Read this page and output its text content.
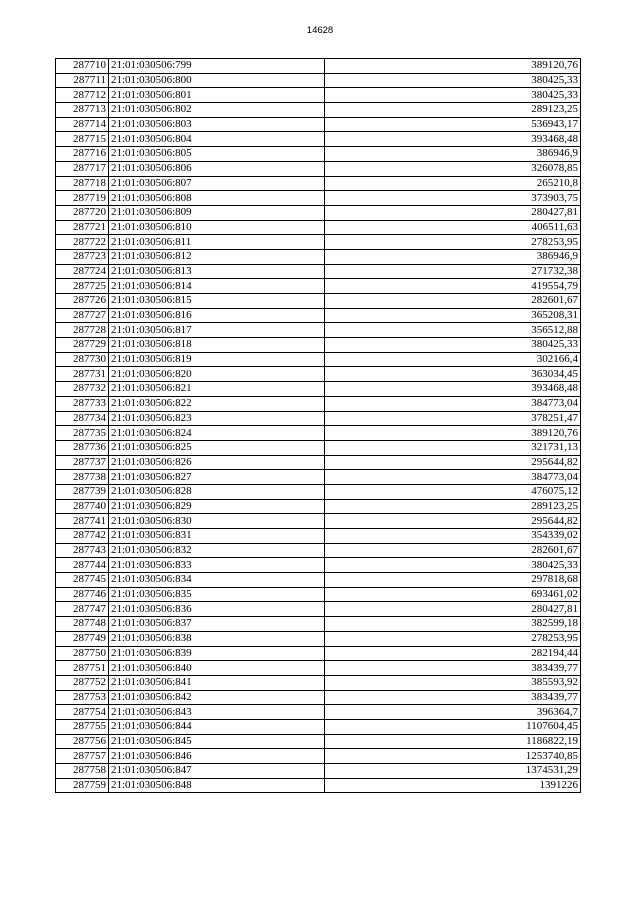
14628
287710	21:01:030506:799	389120,76
287711	21:01:030506:800	380425,33
287712	21:01:030506:801	380425,33
287713	21:01:030506:802	289123,25
287714	21:01:030506:803	536943,17
287715	21:01:030506:804	393468,48
287716	21:01:030506:805	386946,9
287717	21:01:030506:806	326078,85
287718	21:01:030506:807	265210,8
287719	21:01:030506:808	373903,75
287720	21:01:030506:809	280427,81
287721	21:01:030506:810	406511,63
287722	21:01:030506:811	278253,95
287723	21:01:030506:812	386946,9
287724	21:01:030506:813	271732,38
287725	21:01:030506:814	419554,79
287726	21:01:030506:815	282601,67
287727	21:01:030506:816	365208,31
287728	21:01:030506:817	356512,88
287729	21:01:030506:818	380425,33
287730	21:01:030506:819	302166,4
287731	21:01:030506:820	363034,45
287732	21:01:030506:821	393468,48
287733	21:01:030506:822	384773,04
287734	21:01:030506:823	378251,47
287735	21:01:030506:824	389120,76
287736	21:01:030506:825	321731,13
287737	21:01:030506:826	295644,82
287738	21:01:030506:827	384773,04
287739	21:01:030506:828	476075,12
287740	21:01:030506:829	289123,25
287741	21:01:030506:830	295644,82
287742	21:01:030506:831	354339,02
287743	21:01:030506:832	282601,67
287744	21:01:030506:833	380425,33
287745	21:01:030506:834	297818,68
287746	21:01:030506:835	693461,02
287747	21:01:030506:836	280427,81
287748	21:01:030506:837	382599,18
287749	21:01:030506:838	278253,95
287750	21:01:030506:839	282194,44
287751	21:01:030506:840	383439,77
287752	21:01:030506:841	385593,92
287753	21:01:030506:842	383439,77
287754	21:01:030506:843	396364,7
287755	21:01:030506:844	1107604,45
287756	21:01:030506:845	1186822,19
287757	21:01:030506:846	1253740,85
287758	21:01:030506:847	1374531,29
287759	21:01:030506:848	1391226
